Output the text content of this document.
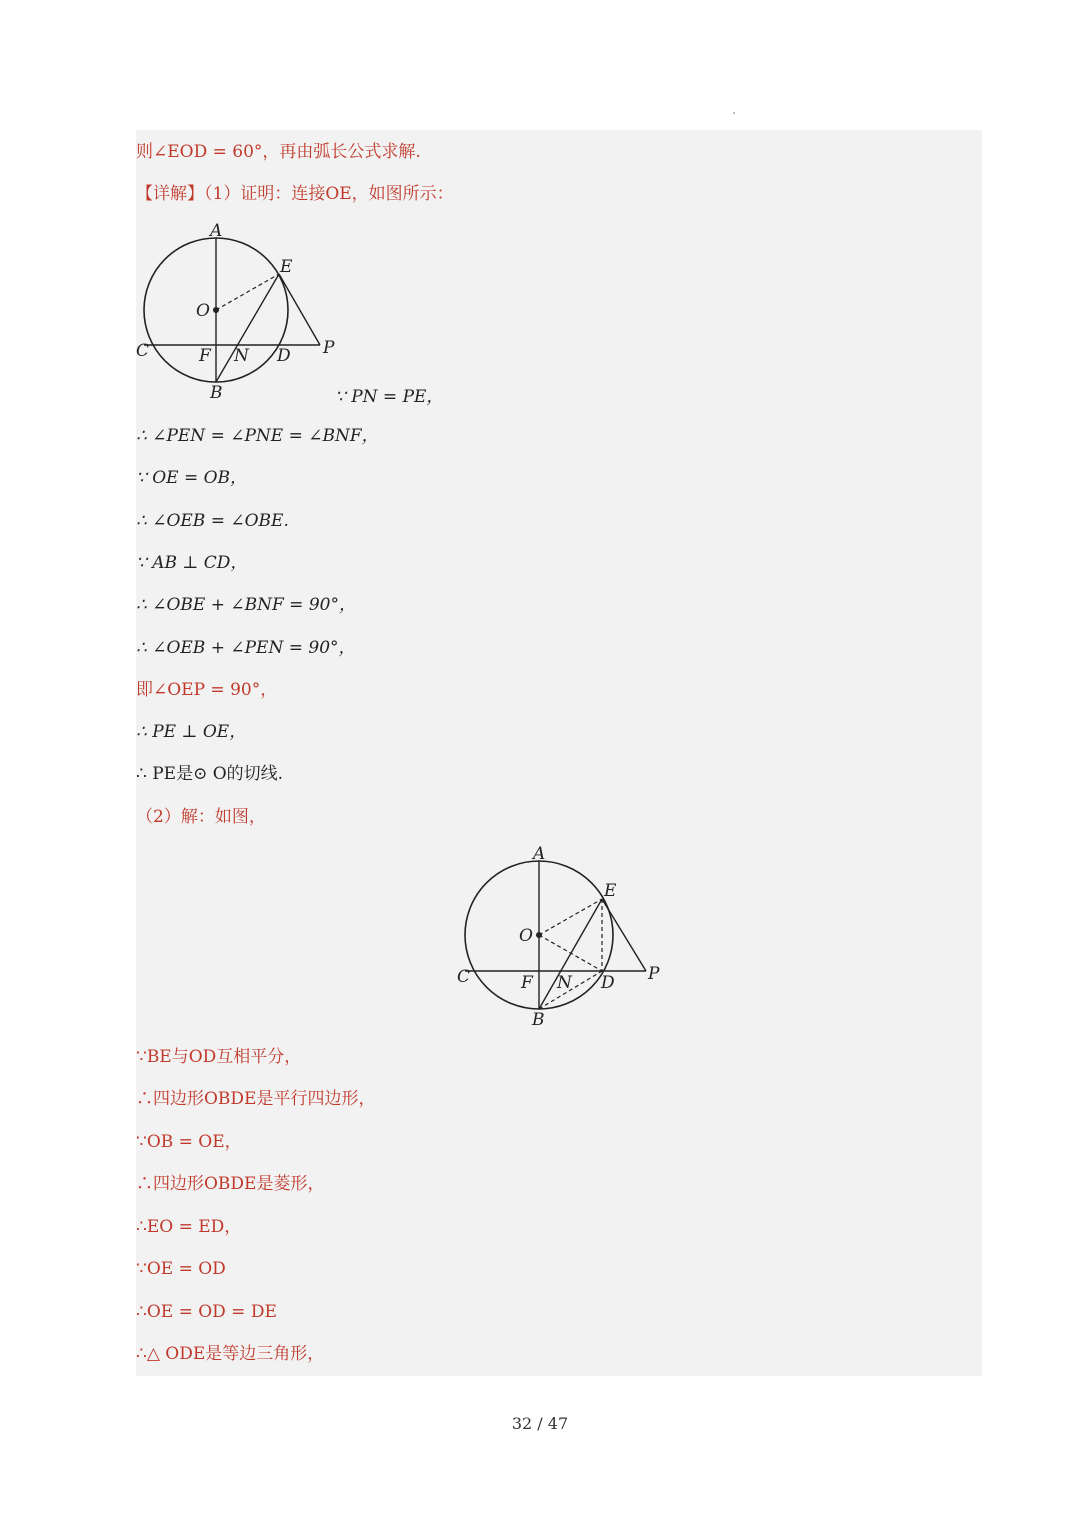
则∠EOD = 60°，再由弧长公式求解.
【详解】（1）证明：连接OE，如图所示：
A
E
O
C	F N D P
B	∵ PN = PE，
∴ ∠PEN = ∠PNE = ∠BNF，
∵ OE = OB，
∴ ∠OEB = ∠OBE.
∵ AB ⊥ CD，
∴ ∠OBE + ∠BNF = 90°，
∴ ∠OEB + ∠PEN = 90°，
即∠OEP = 90°，
∴ PE ⊥ OE，
∴ PE是⊙ O的切线.
（2）解：如图，
A
E
O
C	F N D P
B
∵BE与OD互相平分，
∴四边形OBDE是平行四边形，
∵OB = OE，
∴四边形OBDE是菱形，
∴EO = ED，
∵OE = OD
∴OE = OD = DE
∴△ ODE是等边三角形，
32 / 47
